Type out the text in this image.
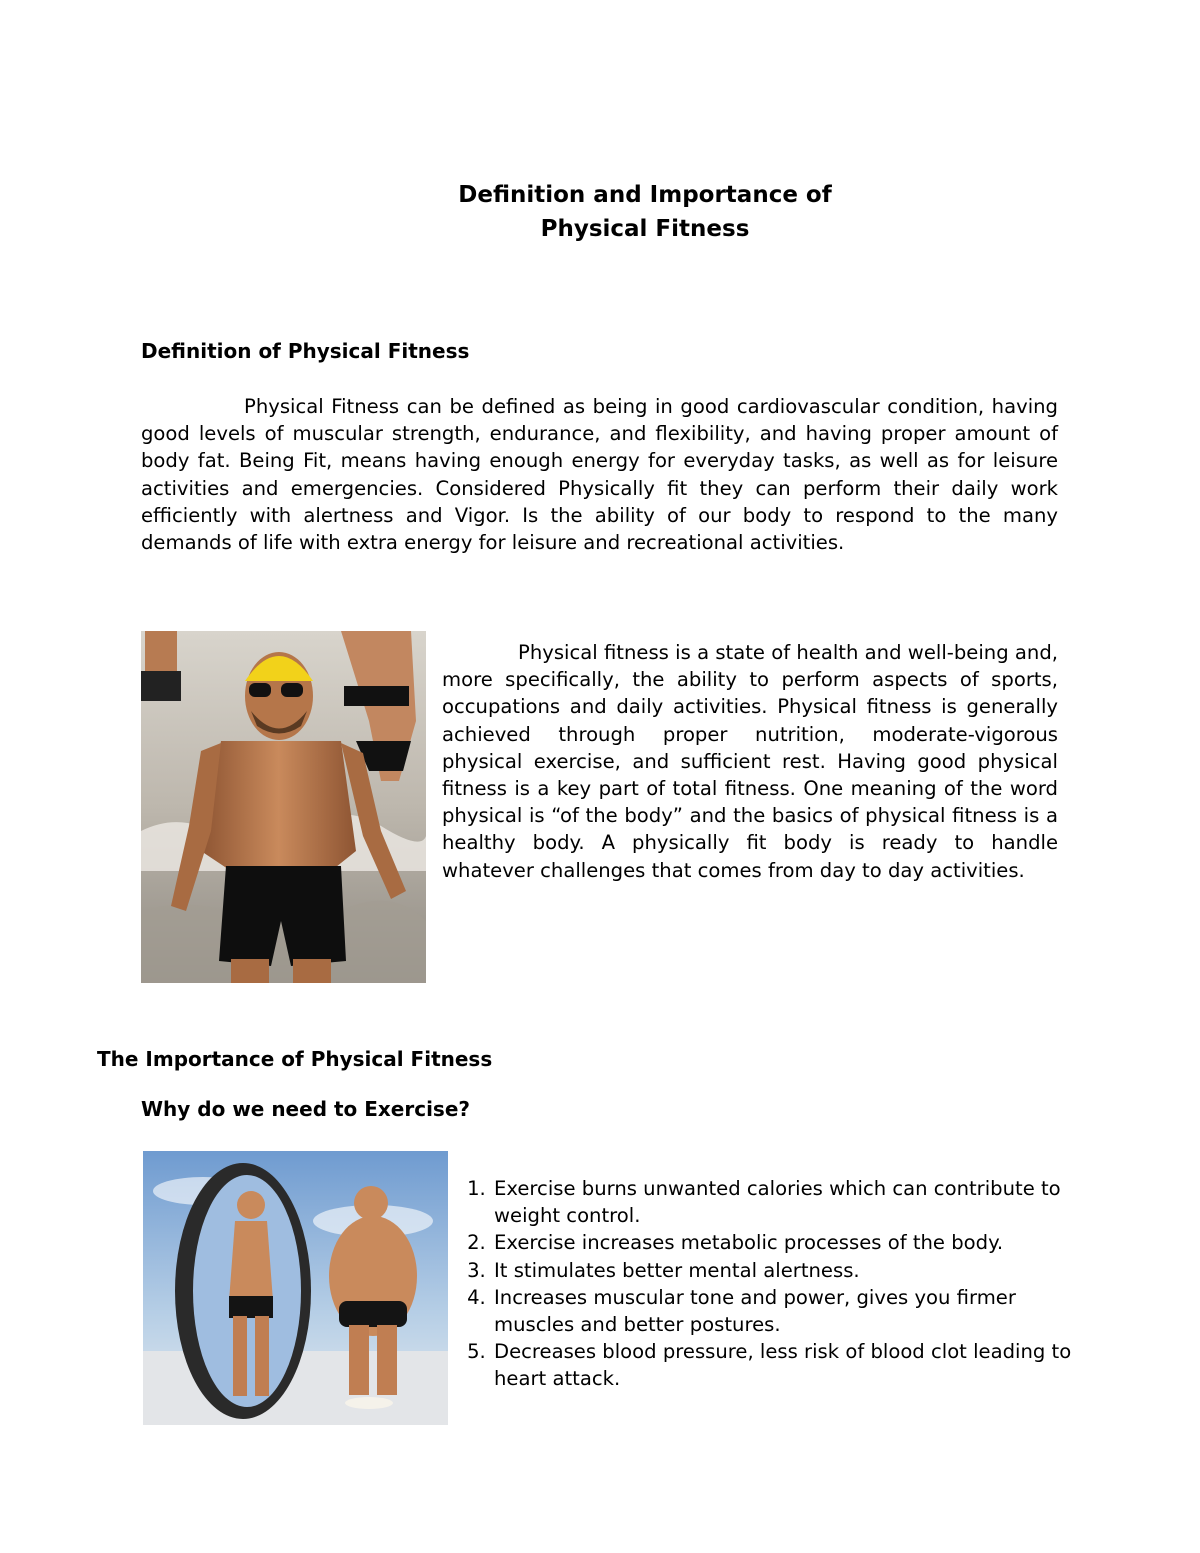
Definition and Importance of
Physical Fitness
Definition of Physical Fitness

Physical Fitness can be defined as being in good cardiovascular condition, having good levels of muscular strength, endurance, and flexibility, and having proper amount of body fat. Being Fit, means having enough energy for everyday tasks, as well as for leisure activities and emergencies. Considered Physically fit they can perform their daily work efficiently with alertness and Vigor. Is the ability of our body to respond to the many demands of life with extra energy for leisure and recreational activities.

Physical fitness is a state of health and well-being and, more specifically, the ability to perform aspects of sports, occupations and daily activities. Physical fitness is generally achieved through proper nutrition, moderate-vigorous physical exercise, and sufficient rest. Having good physical fitness is a key part of total fitness. One meaning of the word physical is “of the body” and the basics of physical fitness is a healthy body. A physically fit body is ready to handle whatever challenges that comes from day to day activities.

The Importance of Physical Fitness
Why do we need to Exercise?
1. Exercise burns unwanted calories which can contribute to weight control.
2. Exercise increases metabolic processes of the body.
3. It stimulates better mental alertness.
4. Increases muscular tone and power, gives you firmer muscles and better postures.
5. Decreases blood pressure, less risk of blood clot leading to heart attack.
